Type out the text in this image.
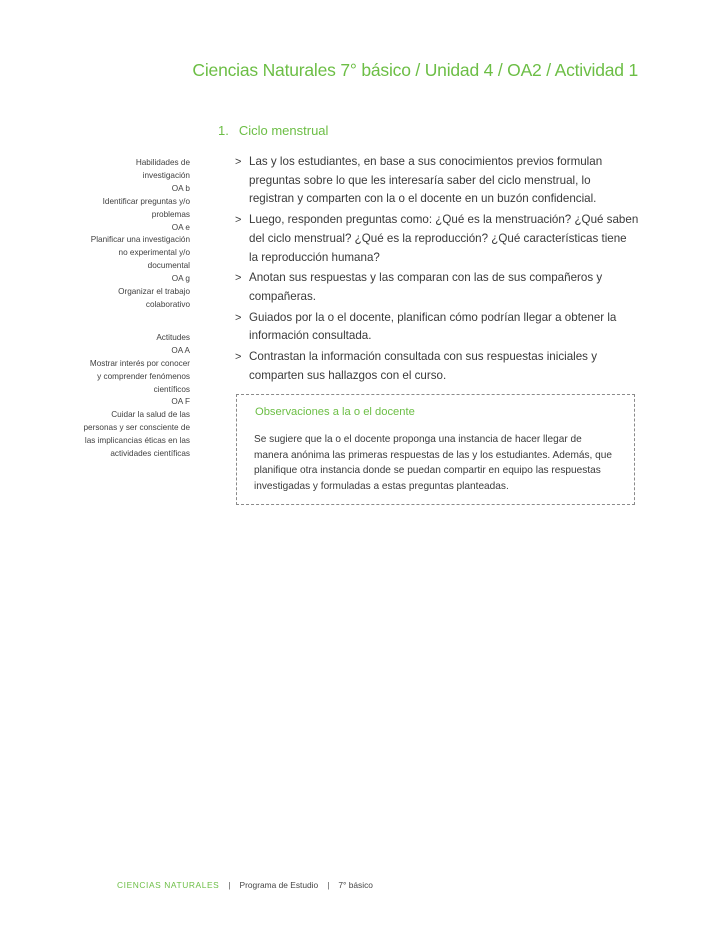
Ciencias Naturales 7° básico / Unidad 4 / OA2 / Actividad 1
1. Ciclo menstrual
Habilidades de
investigación
OA b
Identificar preguntas y/o
problemas
OA e
Planificar una investigación
no experimental y/o
documental
OA g
Organizar el trabajo
colaborativo
Actitudes
OA A
Mostrar interés por conocer
y comprender fenómenos
científicos
OA F
Cuidar la salud de las
personas y ser consciente de
las implicancias éticas en las
actividades científicas
> Las y los estudiantes, en base a sus conocimientos previos formulan
preguntas sobre lo que les interesaría saber del ciclo menstrual, lo
registran y comparten con la o el docente en un buzón confidencial.
> Luego, responden preguntas como: ¿Qué es la menstruación? ¿Qué saben
del ciclo menstrual? ¿Qué es la reproducción? ¿Qué características tiene
la reproducción humana?
> Anotan sus respuestas y las comparan con las de sus compañeros y
compañeras.
> Guiados por la o el docente, planifican cómo podrían llegar a obtener la
información consultada.
> Contrastan la información consultada con sus respuestas iniciales y
comparten sus hallazgos con el curso.
Observaciones a la o el docente
Se sugiere que la o el docente proponga una instancia de hacer llegar de
manera anónima las primeras respuestas de las y los estudiantes. Además, que
planifique otra instancia donde se puedan compartir en equipo las respuestas
investigadas y formuladas a estas preguntas planteadas.
CIENCIAS NATURALES | Programa de Estudio | 7° básico
